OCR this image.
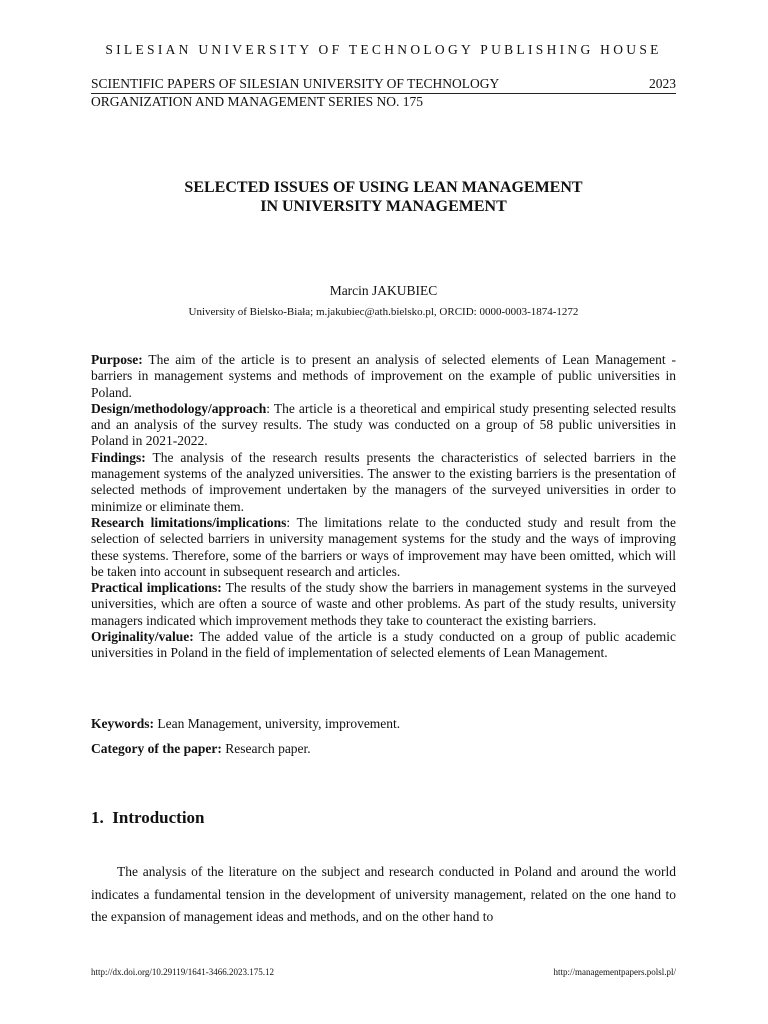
SILESIAN UNIVERSITY OF TECHNOLOGY PUBLISHING HOUSE
SCIENTIFIC PAPERS OF SILESIAN UNIVERSITY OF TECHNOLOGY	2023
ORGANIZATION AND MANAGEMENT SERIES NO. 175
SELECTED ISSUES OF USING LEAN MANAGEMENT
IN UNIVERSITY MANAGEMENT
Marcin JAKUBIEC
University of Bielsko-Biała; m.jakubiec@ath.bielsko.pl, ORCID: 0000-0003-1874-1272

Purpose: The aim of the article is to present an analysis of selected elements of Lean Management - barriers in management systems and methods of improvement on the example of public universities in Poland.

Design/methodology/approach: The article is a theoretical and empirical study presenting selected results and an analysis of the survey results. The study was conducted on a group of 58 public universities in Poland in 2021-2022.

Findings: The analysis of the research results presents the characteristics of selected barriers in the management systems of the analyzed universities. The answer to the existing barriers is the presentation of selected methods of improvement undertaken by the managers of the surveyed universities in order to minimize or eliminate them.

Research limitations/implications: The limitations relate to the conducted study and result from the selection of selected barriers in university management systems for the study and the ways of improving these systems. Therefore, some of the barriers or ways of improvement may have been omitted, which will be taken into account in subsequent research and articles.

Practical implications: The results of the study show the barriers in management systems in the surveyed universities, which are often a source of waste and other problems. As part of the study results, university managers indicated which improvement methods they take to counteract the existing barriers.

Originality/value: The added value of the article is a study conducted on a group of public academic universities in Poland in the field of implementation of selected elements of Lean Management.

Keywords: Lean Management, university, improvement.
Category of the paper: Research paper.
1. Introduction

The analysis of the literature on the subject and research conducted in Poland and around the world indicates a fundamental tension in the development of university management, related on the one hand to the expansion of management ideas and methods, and on the other hand to

http://dx.doi.org/10.29119/1641-3466.2023.175.12	http://managementpapers.polsl.pl/
